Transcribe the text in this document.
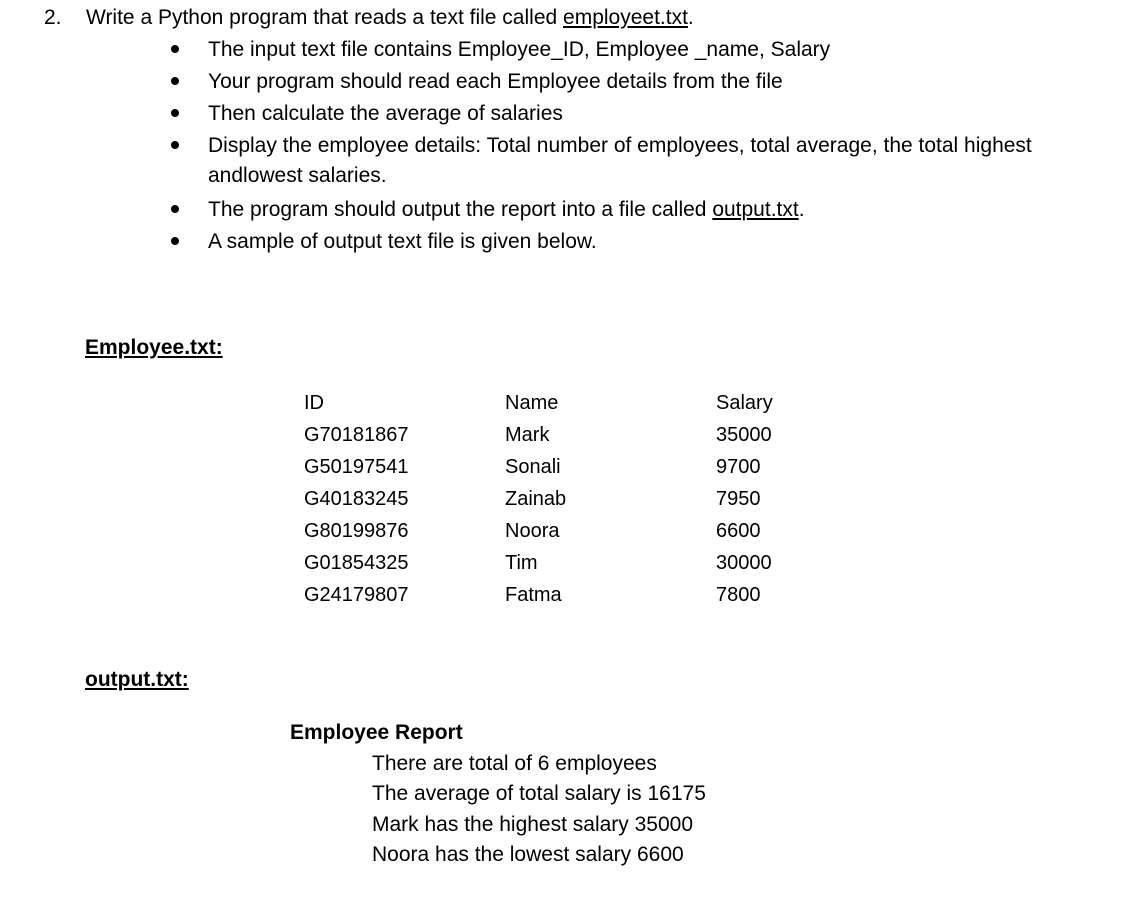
2. Write a Python program that reads a text file called employeet.txt.
The input text file contains Employee_ID, Employee _name, Salary
Your program should read each Employee details from the file
Then calculate the average of salaries
Display the employee details: Total number of employees, total average, the total highest
andlowest salaries.
The program should output the report into a file called output.txt.
A sample of output text file is given below.
Employee.txt:
ID	Name	Salary
G70181867	Mark	35000
G50197541	Sonali	9700
G40183245	Zainab	7950
G80199876	Noora	6600
G01854325	Tim	30000
G24179807	Fatma	7800
output.txt:
Employee Report
There are total of 6 employees
The average of total salary is 16175
Mark has the highest salary 35000
Noora has the lowest salary 6600
